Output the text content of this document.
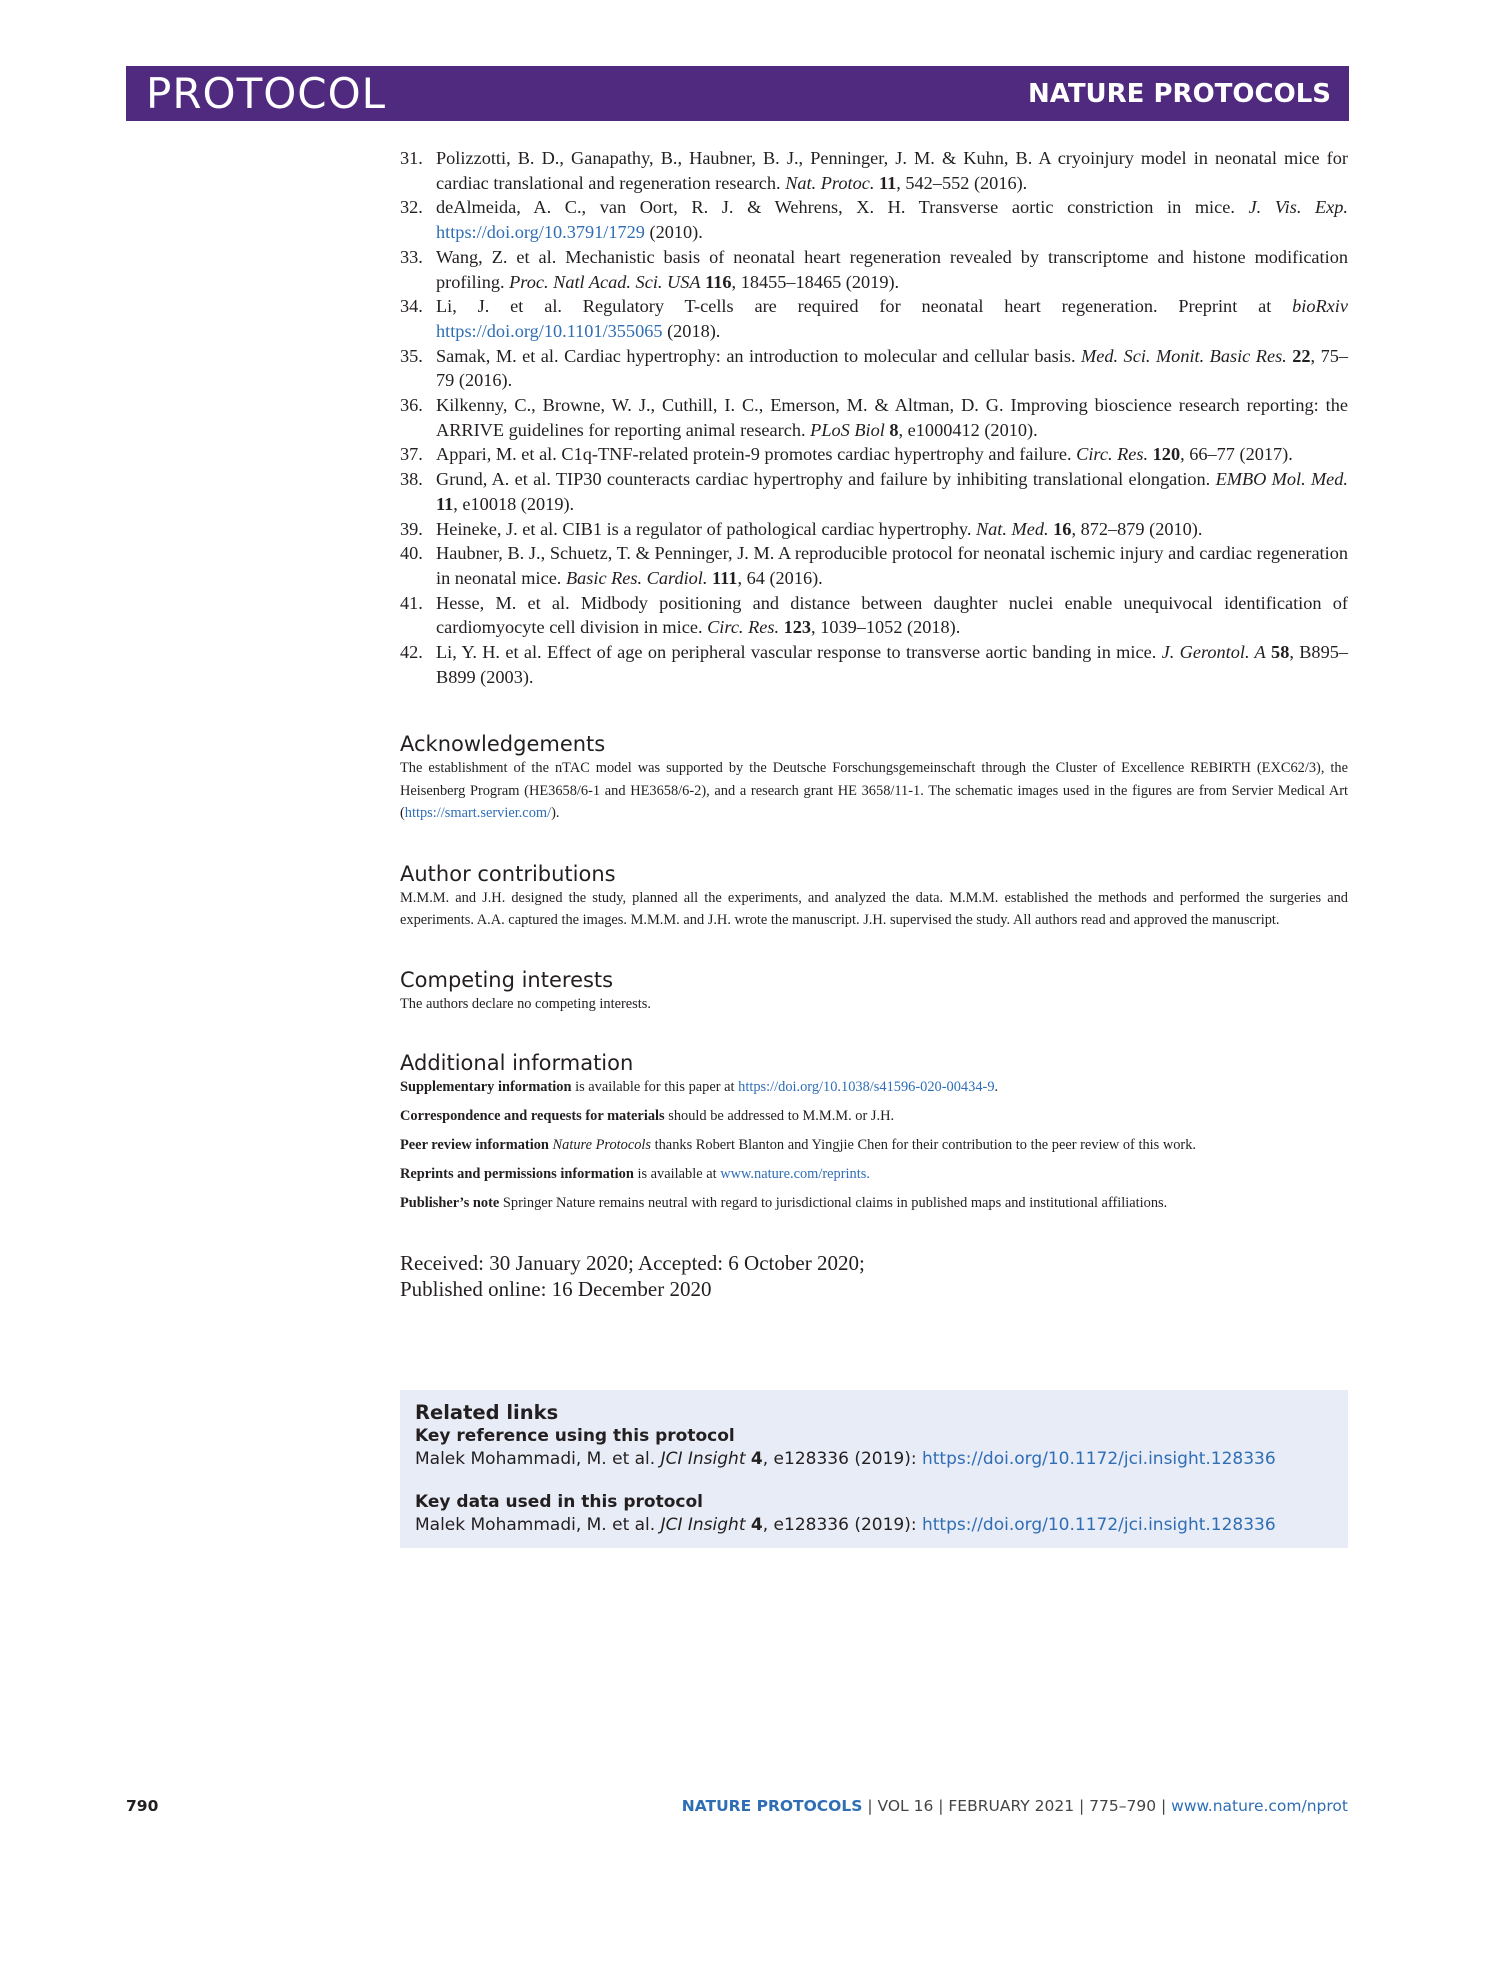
PROTOCOL	NATURE PROTOCOLS
31. Polizzotti, B. D., Ganapathy, B., Haubner, B. J., Penninger, J. M. & Kuhn, B. A cryoinjury model in neonatal mice for cardiac translational and regeneration research. Nat. Protoc. 11, 542–552 (2016).
32. deAlmeida, A. C., van Oort, R. J. & Wehrens, X. H. Transverse aortic constriction in mice. J. Vis. Exp. https://doi.org/10.3791/1729 (2010).
33. Wang, Z. et al. Mechanistic basis of neonatal heart regeneration revealed by transcriptome and histone modification profiling. Proc. Natl Acad. Sci. USA 116, 18455–18465 (2019).
34. Li, J. et al. Regulatory T-cells are required for neonatal heart regeneration. Preprint at bioRxiv https://doi.org/10.1101/355065 (2018).
35. Samak, M. et al. Cardiac hypertrophy: an introduction to molecular and cellular basis. Med. Sci. Monit. Basic Res. 22, 75–79 (2016).
36. Kilkenny, C., Browne, W. J., Cuthill, I. C., Emerson, M. & Altman, D. G. Improving bioscience research reporting: the ARRIVE guidelines for reporting animal research. PLoS Biol 8, e1000412 (2010).
37. Appari, M. et al. C1q-TNF-related protein-9 promotes cardiac hypertrophy and failure. Circ. Res. 120, 66–77 (2017).
38. Grund, A. et al. TIP30 counteracts cardiac hypertrophy and failure by inhibiting translational elongation. EMBO Mol. Med. 11, e10018 (2019).
39. Heineke, J. et al. CIB1 is a regulator of pathological cardiac hypertrophy. Nat. Med. 16, 872–879 (2010).
40. Haubner, B. J., Schuetz, T. & Penninger, J. M. A reproducible protocol for neonatal ischemic injury and cardiac regeneration in neonatal mice. Basic Res. Cardiol. 111, 64 (2016).
41. Hesse, M. et al. Midbody positioning and distance between daughter nuclei enable unequivocal identification of cardiomyocyte cell division in mice. Circ. Res. 123, 1039–1052 (2018).
42. Li, Y. H. et al. Effect of age on peripheral vascular response to transverse aortic banding in mice. J. Gerontol. A 58, B895–B899 (2003).
Acknowledgements

The establishment of the nTAC model was supported by the Deutsche Forschungsgemeinschaft through the Cluster of Excellence REBIRTH (EXC62/3), the Heisenberg Program (HE3658/6-1 and HE3658/6-2), and a research grant HE 3658/11-1. The schematic images used in the figures are from Servier Medical Art (https://smart.servier.com/).

Author contributions

M.M.M. and J.H. designed the study, planned all the experiments, and analyzed the data. M.M.M. established the methods and performed the surgeries and experiments. A.A. captured the images. M.M.M. and J.H. wrote the manuscript. J.H. supervised the study. All authors read and approved the manuscript.

Competing interests

The authors declare no competing interests.

Additional information

Supplementary information is available for this paper at https://doi.org/10.1038/s41596-020-00434-9.

Correspondence and requests for materials should be addressed to M.M.M. or J.H.

Peer review information Nature Protocols thanks Robert Blanton and Yingjie Chen for their contribution to the peer review of this work.

Reprints and permissions information is available at www.nature.com/reprints.

Publisher’s note Springer Nature remains neutral with regard to jurisdictional claims in published maps and institutional affiliations.

Received: 30 January 2020; Accepted: 6 October 2020;

Published online: 16 December 2020

Related links
Key reference using this protocol
Malek Mohammadi, M. et al. JCI Insight 4, e128336 (2019): https://doi.org/10.1172/jci.insight.128336
Key data used in this protocol
Malek Mohammadi, M. et al. JCI Insight 4, e128336 (2019): https://doi.org/10.1172/jci.insight.128336
790	NATURE PROTOCOLS | VOL 16 | FEBRUARY 2021 | 775–790 | www.nature.com/nprot
